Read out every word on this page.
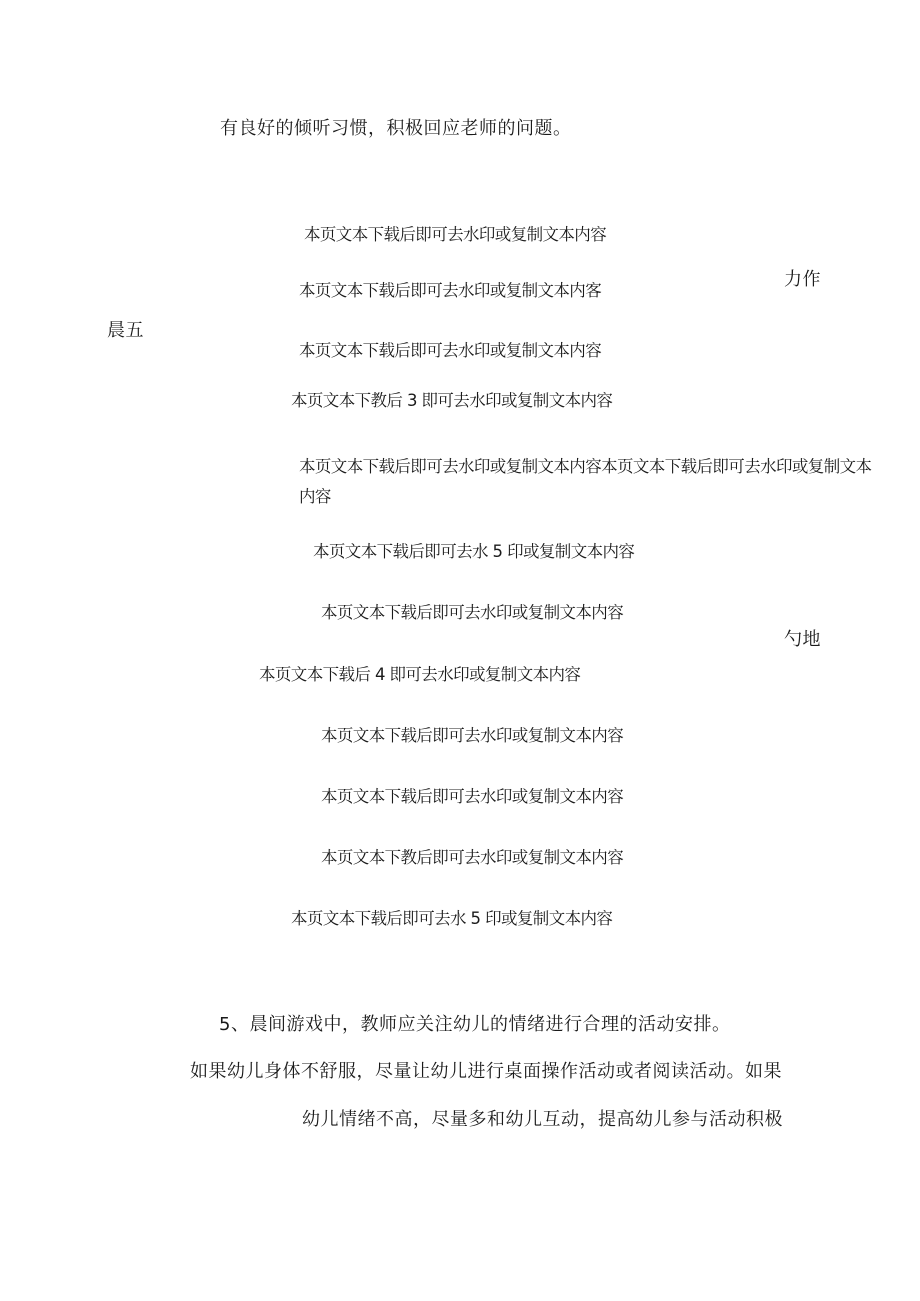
有良好的倾听习惯，积极回应老师的问题。
本页文本下载后即可去水印或复制文本内容
本页文本下载后即可去水印或复制文本内客
力作
晨五
本页文本下载后即可去水印或复制文本内容
本页文本下教后 3 即可去水印或复制文本内容
本页文本下载后即可去水印或复制文本内容本页文本下载后即可去水印或复制文本内容
本页文本下载后即可去水 5 印或复制文本内容
本页文本下载后即可去水印或复制文本内容
勺地
本页文本下载后 4 即可去水印或复制文本内容
本页文本下载后即可去水印或复制文本内容
本页文本下载后即可去水印或复制文本内容
本页文本下教后即可去水印或复制文本内容
本页文本下载后即可去水 5 印或复制文本内容
5、晨间游戏中，教师应关注幼儿的情绪进行合理的活动安排。
如果幼儿身体不舒服，尽量让幼儿进行桌面操作活动或者阅读活动。如果
幼儿情绪不高，尽量多和幼儿互动，提高幼儿参与活动积极
